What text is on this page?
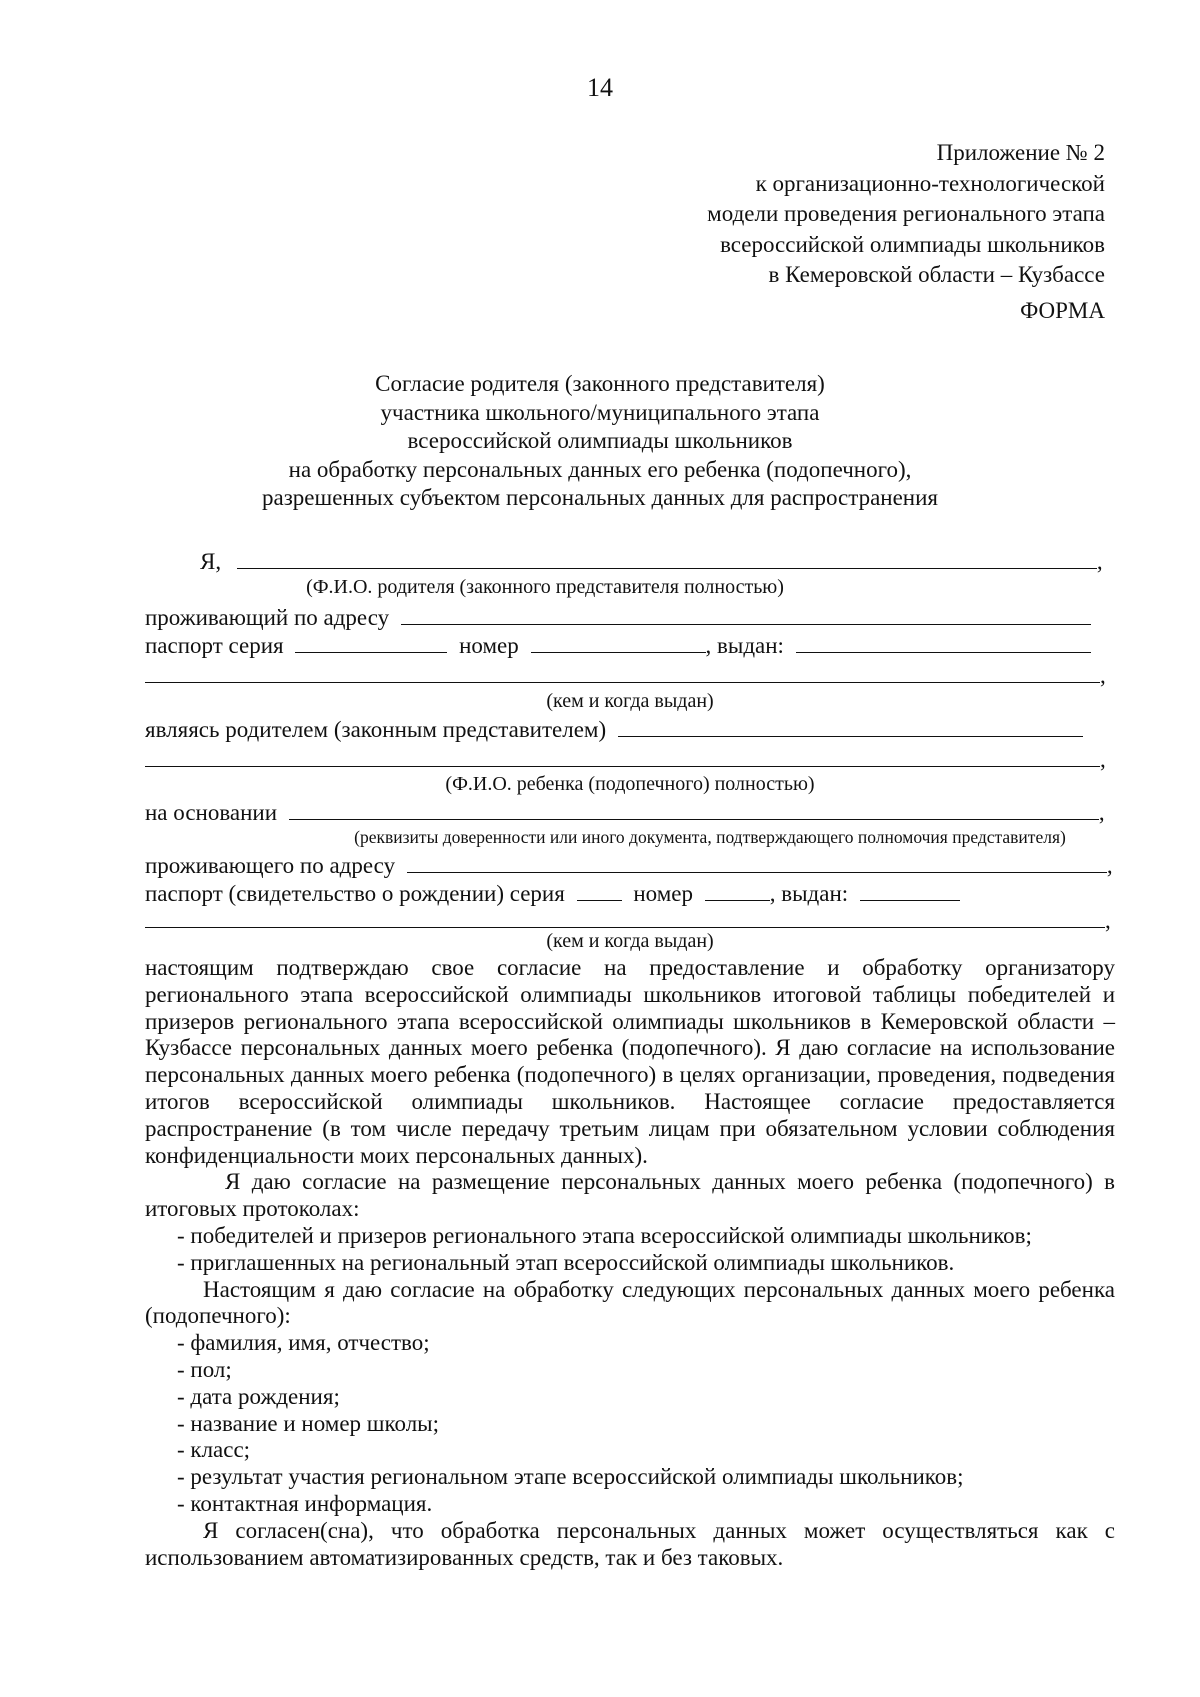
14
Приложение № 2
к организационно-технологической
модели проведения регионального этапа
всероссийской олимпиады школьников
в Кемеровской области – Кузбассе
ФОРМА
Согласие родителя (законного представителя)
участника школьного/муниципального этапа
всероссийской олимпиады школьников
на обработку персональных данных его ребенка (подопечного),
разрешенных субъектом персональных данных для распространения
Я,	,
(Ф.И.О. родителя (законного представителя полностью)
проживающий по адресу
паспорт серия	номер	, выдан:
,
(кем и когда выдан)
являясь родителем (законным представителем)
,
(Ф.И.О. ребенка (подопечного) полностью)
на основании	,
(реквизиты доверенности или иного документа, подтверждающего полномочия представителя)
проживающего по адресу	,
паспорт (свидетельство о рождении) серия	номер	, выдан:
,
(кем и когда выдан)

настоящим подтверждаю свое согласие на предоставление и обработку организатору регионального этапа всероссийской олимпиады школьников итоговой таблицы победителей и призеров регионального этапа всероссийской олимпиады школьников в Кемеровской области – Кузбассе персональных данных моего ребенка (подопечного). Я даю согласие на использование персональных данных моего ребенка (подопечного) в целях организации, проведения, подведения итогов всероссийской олимпиады школьников. Настоящее согласие предоставляется распространение (в том числе передачу третьим лицам при обязательном условии соблюдения конфиденциальности моих персональных данных).

Я даю согласие на размещение персональных данных моего ребенка (подопечного) в итоговых протоколах:

- победителей и призеров регионального этапа всероссийской олимпиады школьников;

- приглашенных на региональный этап всероссийской олимпиады школьников.

Настоящим я даю согласие на обработку следующих персональных данных моего ребенка (подопечного):

- фамилия, имя, отчество;

- пол;

- дата рождения;

- название и номер школы;

- класс;

- результат участия региональном этапе всероссийской олимпиады школьников;

- контактная информация.

Я согласен(сна), что обработка персональных данных может осуществляться как с использованием автоматизированных средств, так и без таковых.
